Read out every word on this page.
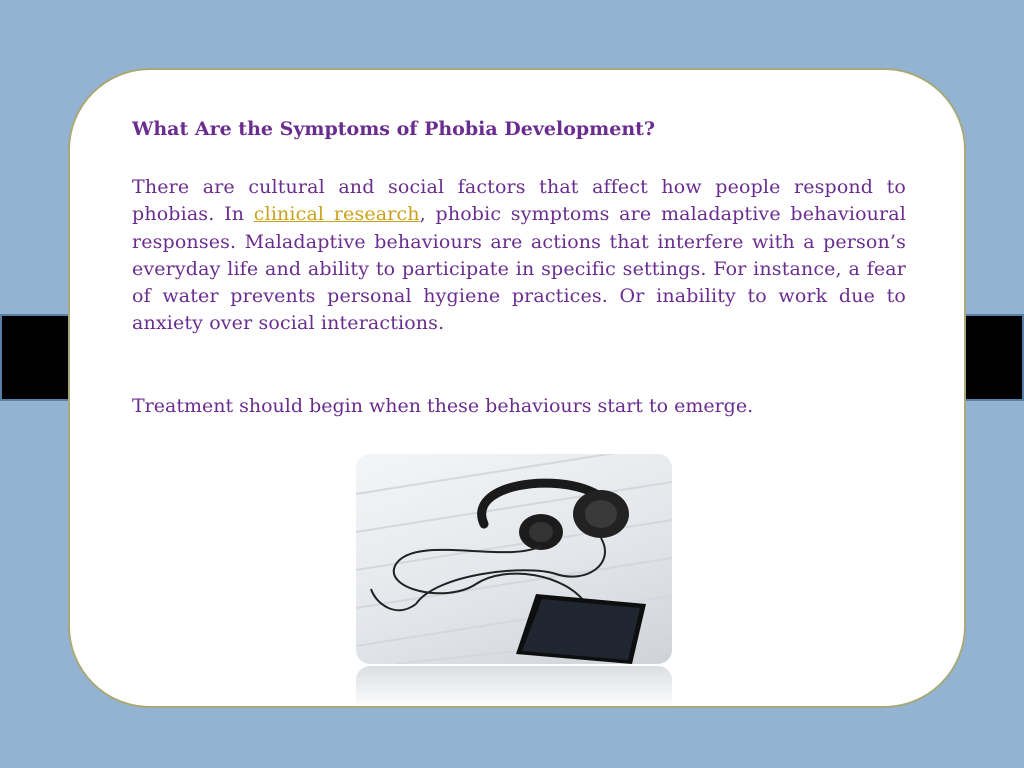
What Are the Symptoms of Phobia Development?

There are cultural and social factors that affect how people respond to phobias. In clinical research, phobic symptoms are maladaptive behavioural responses. Maladaptive behaviours are actions that interfere with a person’s everyday life and ability to participate in specific settings. For instance, a fear of water prevents personal hygiene practices. Or inability to work due to anxiety over social interactions.

Treatment should begin when these behaviours start to emerge.
